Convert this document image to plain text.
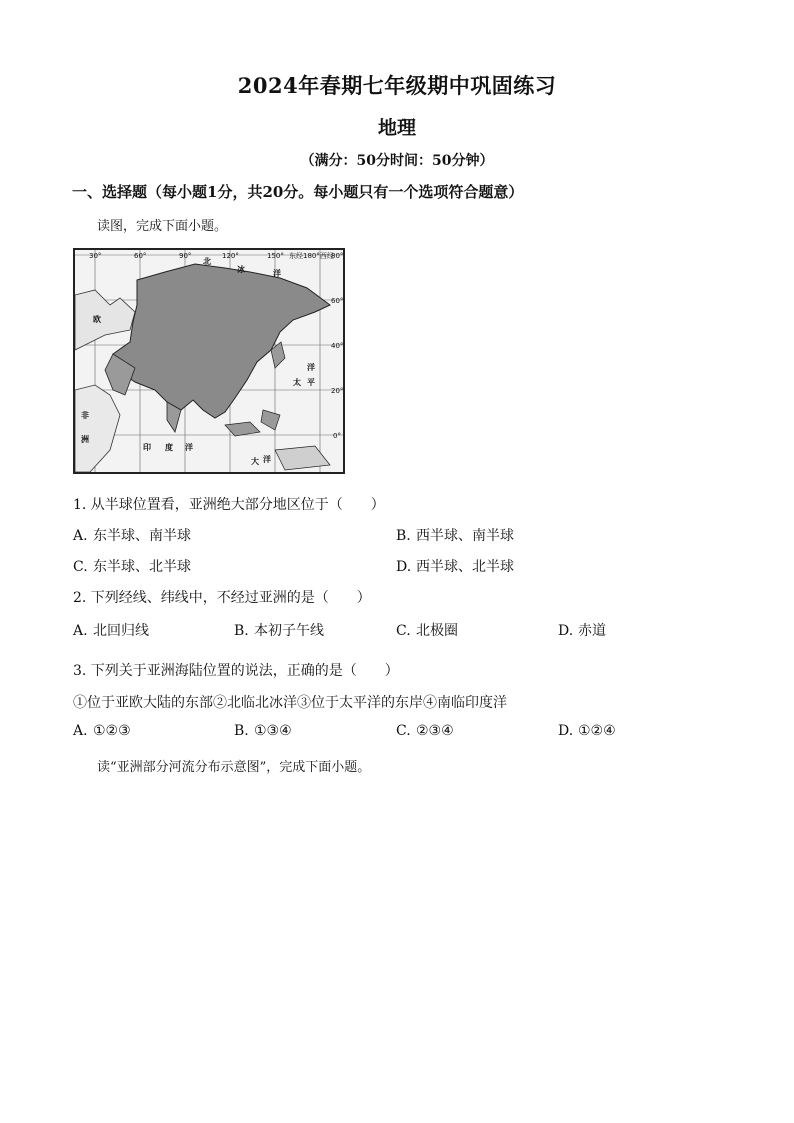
2024年春期七年级期中巩固练习
地理
（满分：50分时间：50分钟）
一、选择题（每小题1分，共20分。每小题只有一个选项符合题意）
读图，完成下面小题。
30°	60°	90°	120°	150° 东经180°西经
80°
60°
40°
20°
0°
北
冰	洋
太 平
洋
印 度 洋
大 洋
非
洲
欧
1. 从半球位置看，亚洲绝大部分地区位于（　　）
A. 东半球、南半球	B. 西半球、南半球
C. 东半球、北半球	D. 西半球、北半球
2. 下列经线、纬线中，不经过亚洲的是（　　）
A. 北回归线	B. 本初子午线	C. 北极圈	D. 赤道
3. 下列关于亚洲海陆位置的说法，正确的是（　　）
①位于亚欧大陆的东部②北临北冰洋③位于太平洋的东岸④南临印度洋
A. ①②③	B. ①③④	C. ②③④	D. ①②④
读“亚洲部分河流分布示意图”，完成下面小题。
